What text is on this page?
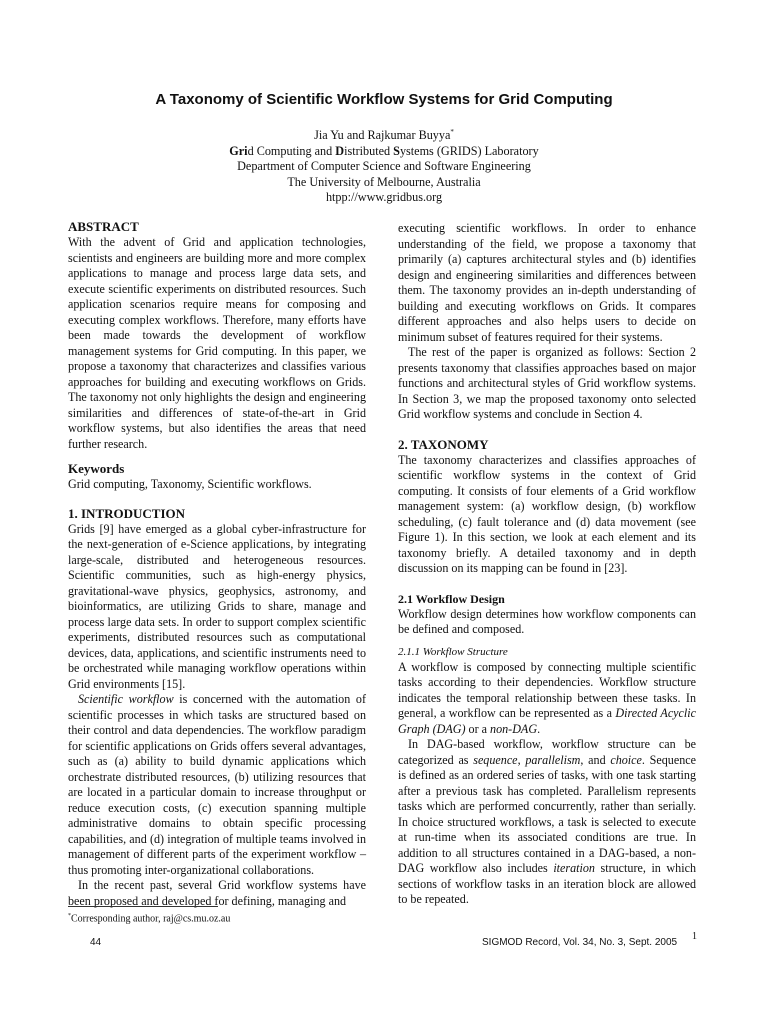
A Taxonomy of Scientific Workflow Systems for Grid Computing
Jia Yu and Rajkumar Buyya*
Grid Computing and Distributed Systems (GRIDS) Laboratory
Department of Computer Science and Software Engineering
The University of Melbourne, Australia
htpp://www.gridbus.org
ABSTRACT

With the advent of Grid and application technologies, scientists and engineers are building more and more complex applications to manage and process large data sets, and execute scientific experiments on distributed resources. Such application scenarios require means for composing and executing complex workflows. Therefore, many efforts have been made towards the development of workflow management systems for Grid computing. In this paper, we propose a taxonomy that characterizes and classifies various approaches for building and executing workflows on Grids. The taxonomy not only highlights the design and engineering similarities and differences of state-of-the-art in Grid workflow systems, but also identifies the areas that need further research.

Keywords

Grid computing, Taxonomy, Scientific workflows.

1. INTRODUCTION

Grids [9] have emerged as a global cyber-infrastructure for the next-generation of e-Science applications, by integrating large-scale, distributed and heterogeneous resources. Scientific communities, such as high-energy physics, gravitational-wave physics, geophysics, astronomy, and bioinformatics, are utilizing Grids to share, manage and process large data sets. In order to support complex scientific experiments, distributed resources such as computational devices, data, applications, and scientific instruments need to be orchestrated while managing workflow operations within Grid environments [15].

Scientific workflow is concerned with the automation of scientific processes in which tasks are structured based on their control and data dependencies. The workflow paradigm for scientific applications on Grids offers several advantages, such as (a) ability to build dynamic applications which orchestrate distributed resources, (b) utilizing resources that are located in a particular domain to increase throughput or reduce execution costs, (c) execution spanning multiple administrative domains to obtain specific processing capabilities, and (d) integration of multiple teams involved in management of different parts of the experiment workflow – thus promoting inter-organizational collaborations.

In the recent past, several Grid workflow systems have been proposed and developed for defining, managing and

executing scientific workflows. In order to enhance understanding of the field, we propose a taxonomy that primarily (a) captures architectural styles and (b) identifies design and engineering similarities and differences between them. The taxonomy provides an in-depth understanding of building and executing workflows on Grids. It compares different approaches and also helps users to decide on minimum subset of features required for their systems.

The rest of the paper is organized as follows: Section 2 presents taxonomy that classifies approaches based on major functions and architectural styles of Grid workflow systems. In Section 3, we map the proposed taxonomy onto selected Grid workflow systems and conclude in Section 4.

2. TAXONOMY

The taxonomy characterizes and classifies approaches of scientific workflow systems in the context of Grid computing. It consists of four elements of a Grid workflow management system: (a) workflow design, (b) workflow scheduling, (c) fault tolerance and (d) data movement (see Figure 1). In this section, we look at each element and its taxonomy briefly. A detailed taxonomy and in depth discussion on its mapping can be found in [23].

2.1 Workflow Design

Workflow design determines how workflow components can be defined and composed.

2.1.1 Workflow Structure

A workflow is composed by connecting multiple scientific tasks according to their dependencies. Workflow structure indicates the temporal relationship between these tasks. In general, a workflow can be represented as a Directed Acyclic Graph (DAG) or a non-DAG.

In DAG-based workflow, workflow structure can be categorized as sequence, parallelism, and choice. Sequence is defined as an ordered series of tasks, with one task starting after a previous task has completed. Parallelism represents tasks which are performed concurrently, rather than serially. In choice structured workflows, a task is selected to execute at run-time when its associated conditions are true. In addition to all structures contained in a DAG-based, a non-DAG workflow also includes iteration structure, in which sections of workflow tasks in an iteration block are allowed to be repeated.

*Corresponding author, raj@cs.mu.oz.au
44	SIGMOD Record, Vol. 34, No. 3, Sept. 2005
1
